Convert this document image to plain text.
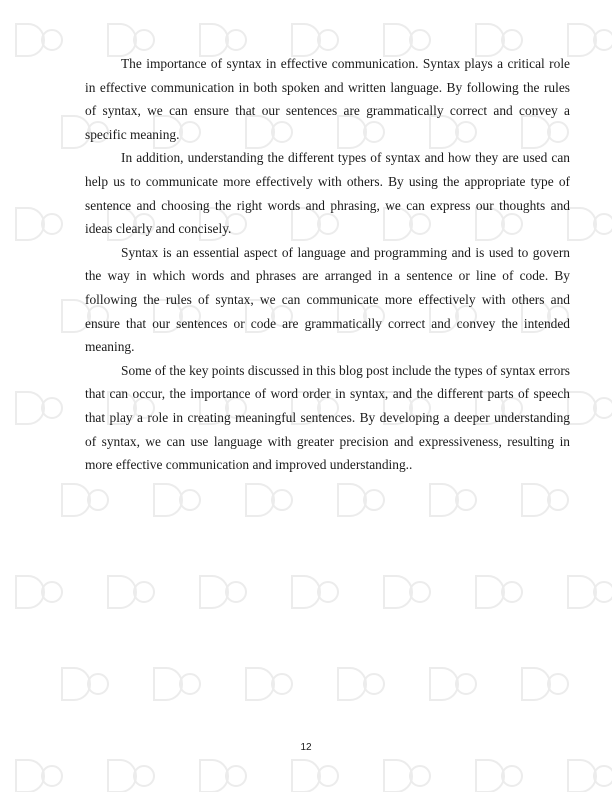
The importance of syntax in effective communication. Syntax plays a critical role in effective communication in both spoken and written language. By following the rules of syntax, we can ensure that our sentences are grammatically correct and convey a specific meaning.

In addition, understanding the different types of syntax and how they are used can help us to communicate more effectively with others. By using the appropriate type of sentence and choosing the right words and phrasing, we can express our thoughts and ideas clearly and concisely.

Syntax is an essential aspect of language and programming and is used to govern the way in which words and phrases are arranged in a sentence or line of code. By following the rules of syntax, we can communicate more effectively with others and ensure that our sentences or code are grammatically correct and convey the intended meaning.

Some of the key points discussed in this blog post include the types of syntax errors that can occur, the importance of word order in syntax, and the different parts of speech that play a role in creating meaningful sentences. By developing a deeper understanding of syntax, we can use language with greater precision and expressiveness, resulting in more effective communication and improved understanding..

12
